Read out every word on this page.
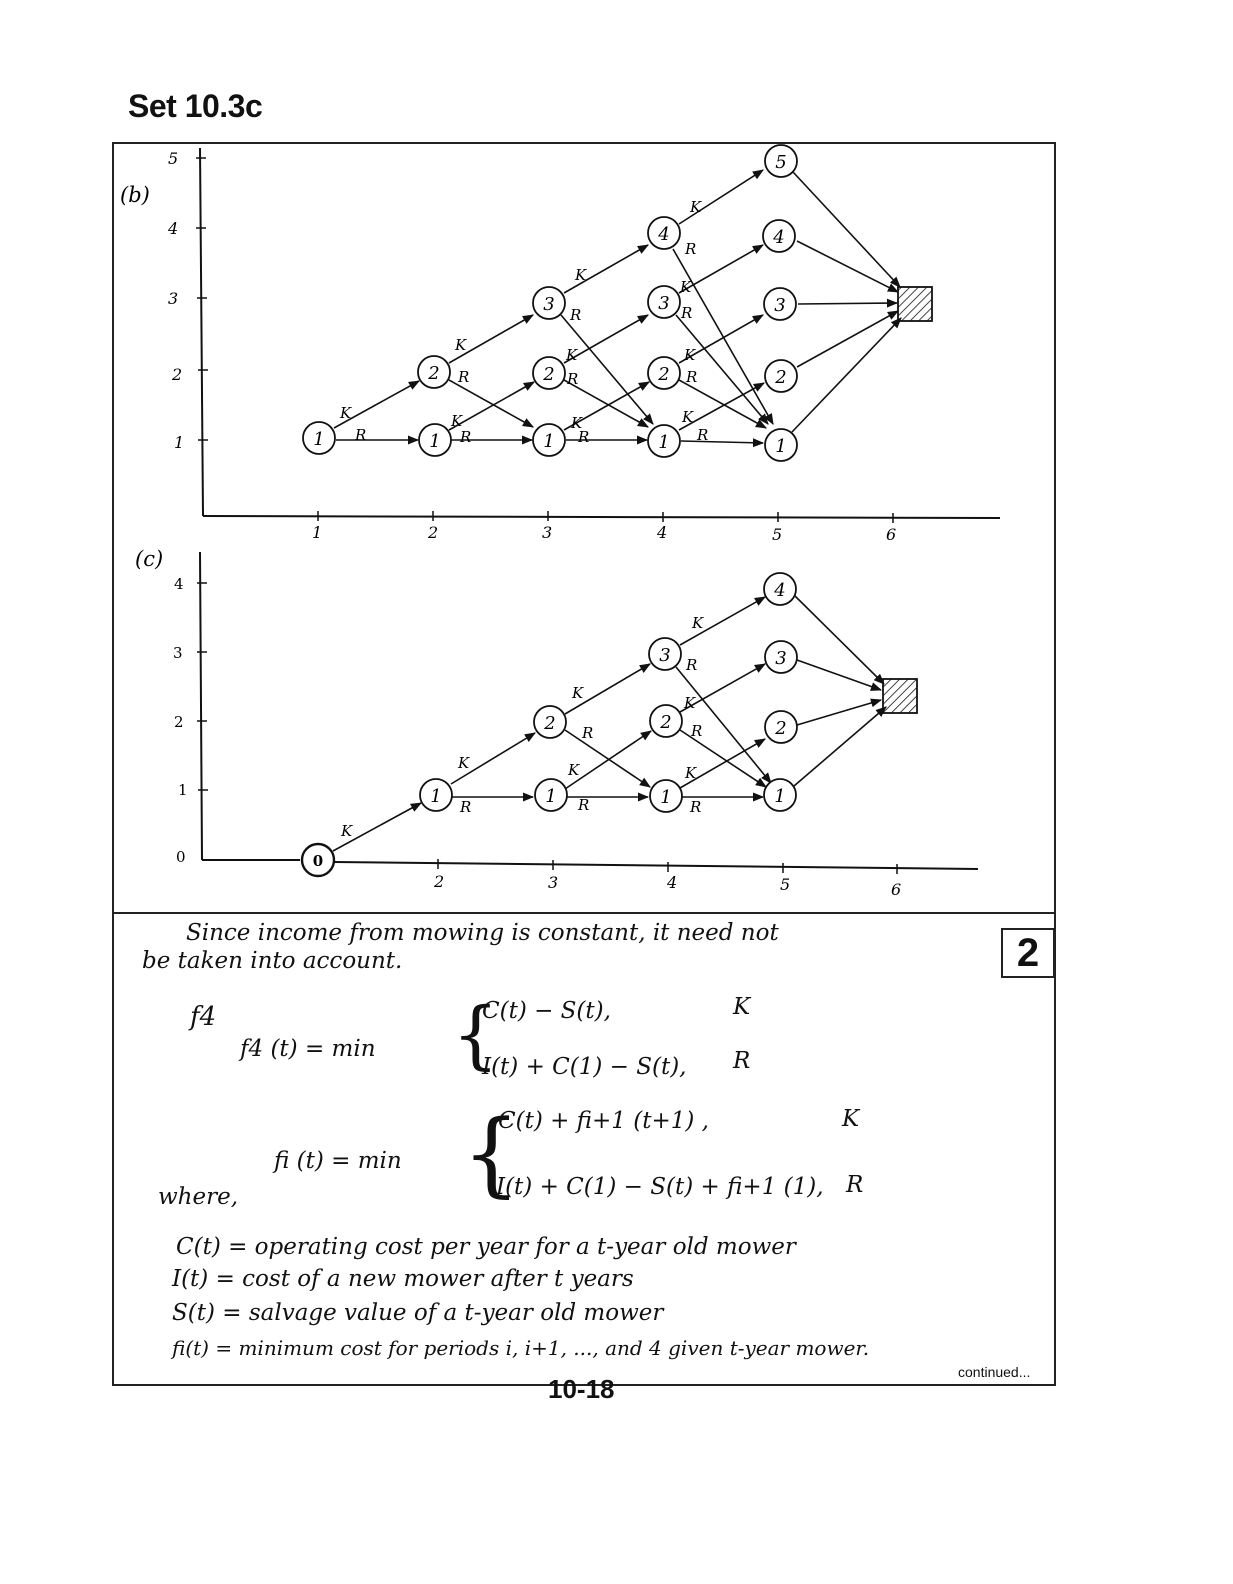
Set 10.3c
2
(b)
5
4
3
2
1
1	2	3	4	5	6
K
R
K
R
K
R
K
R
K
R
K
R
K
R
K
R
K
R
K
R
1
2
1
3
2
1
4
3
2
1
5
4
3
2
1
(c)
4
3
2
1
0
2	3	4	5	6
K
K
R
K
R
K
R
K
R
K
R
K
R
0
1
2
1
3
2
1
4
3
2
1
Since income from mowing is constant, it need not
be taken into account.
f4
f4 (t) = min {
C(t) − S(t),	K
I(t) + C(1) − S(t), R
fi (t) = min {
C(t) + fi+1 (t+1) ,	K
I(t) + C(1) − S(t) + fi+1 (1), R
where,
C(t) = operating cost per year for a t-year old mower
I(t) = cost of a new mower after t years
S(t) = salvage value of a t-year old mower
fi(t) = minimum cost for periods i, i+1, ..., and 4 given t-year mower.
continued...
10-18
